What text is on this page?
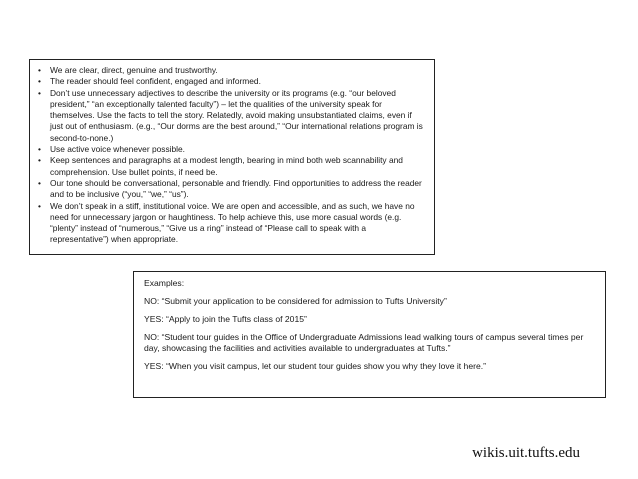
• We are clear, direct, genuine and trustworthy.
• The reader should feel confident, engaged and informed.
• Don’t use unnecessary adjectives to describe the university or its programs (e.g. “our beloved president,” “an exceptionally talented faculty”) – let the qualities of the university speak for themselves. Use the facts to tell the story. Relatedly, avoid making unsubstantiated claims, even if just out of enthusiasm. (e.g., “Our dorms are the best around,” “Our international relations program is second-to-none.)
• Use active voice whenever possible.
• Keep sentences and paragraphs at a modest length, bearing in mind both web scannability and comprehension. Use bullet points, if need be.
• Our tone should be conversational, personable and friendly. Find opportunities to address the reader and to be inclusive (“you,” “we,” “us”).
• We don’t speak in a stiff, institutional voice. We are open and accessible, and as such, we have no need for unnecessary jargon or haughtiness. To help achieve this, use more casual words (e.g. “plenty” instead of “numerous,” “Give us a ring” instead of “Please call to speak with a representative”) when appropriate.
Examples:
NO: “Submit your application to be considered for admission to Tufts University”
YES: “Apply to join the Tufts class of 2015”
NO: “Student tour guides in the Office of Undergraduate Admissions lead walking tours of campus several times per day, showcasing the facilities and activities available to undergraduates at Tufts.”
YES: “When you visit campus, let our student tour guides show you why they love it here.”
wikis.uit.tufts.edu
